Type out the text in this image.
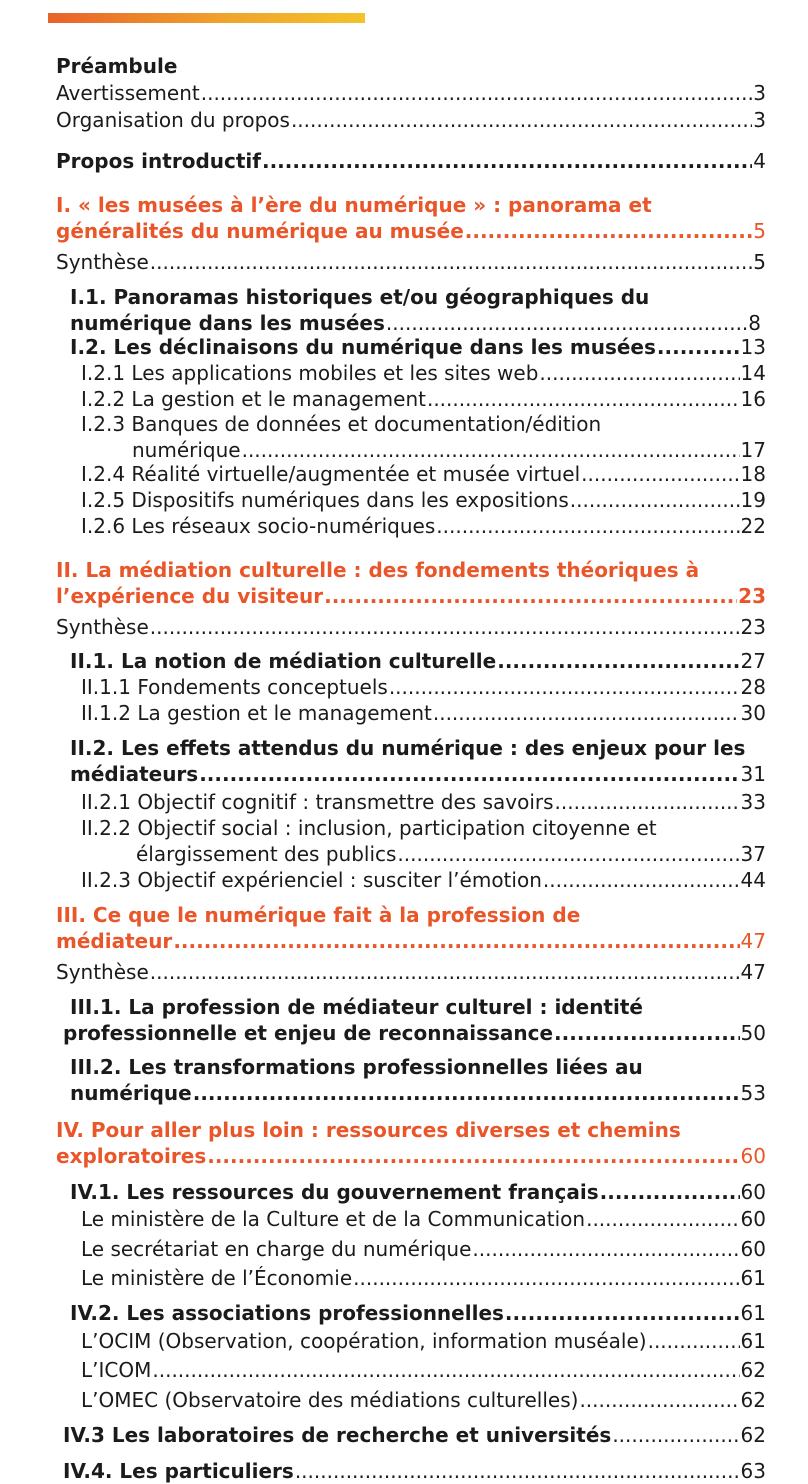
Préambule
Avertissement .....	3
Organisation du propos .....	3
Propos introductif .....	4
I. « les musées à l’ère du numérique » : panorama et
généralités du numérique au musée .....	5
Synthèse .....	5
I.1. Panoramas historiques et/ou géographiques du
numérique dans les musées .....	8
I.2. Les déclinaisons du numérique dans les musées .....	13
I.2.1 Les applications mobiles et les sites web .....	14
I.2.2 La gestion et le management .....	16
I.2.3 Banques de données et documentation/édition
numérique .....	17
I.2.4 Réalité virtuelle/augmentée et musée virtuel .....	18
I.2.5 Dispositifs numériques dans les expositions .....	19
I.2.6 Les réseaux socio-numériques .....	22
II. La médiation culturelle : des fondements théoriques à
l’expérience du visiteur .....	23
Synthèse .....	23
II.1. La notion de médiation culturelle .....	27
II.1.1 Fondements conceptuels .....	28
II.1.2 La gestion et le management .....	30
II.2. Les effets attendus du numérique : des enjeux pour les
médiateurs .....	31
II.2.1 Objectif cognitif : transmettre des savoirs .....	33
II.2.2 Objectif social : inclusion, participation citoyenne et
élargissement des publics .....	37
II.2.3 Objectif expérienciel : susciter l’émotion .....	44
III. Ce que le numérique fait à la profession de
médiateur .....	47
Synthèse .....	47
III.1. La profession de médiateur culturel : identité
professionnelle et enjeu de reconnaissance .....	50
III.2. Les transformations professionnelles liées au
numérique .....	53
IV. Pour aller plus loin : ressources diverses et chemins
exploratoires .....	60
IV.1. Les ressources du gouvernement français .....	60
Le ministère de la Culture et de la Communication .....	60
Le secrétariat en charge du numérique .....	60
Le ministère de l’Économie .....	61
IV.2. Les associations professionnelles .....	61
L’OCIM (Observation, coopération, information muséale) .....	61
L’ICOM .....	62
L’OMEC (Observatoire des médiations culturelles) .....	62
IV.3 Les laboratoires de recherche et universités .....	62
IV.4. Les particuliers .....	63
